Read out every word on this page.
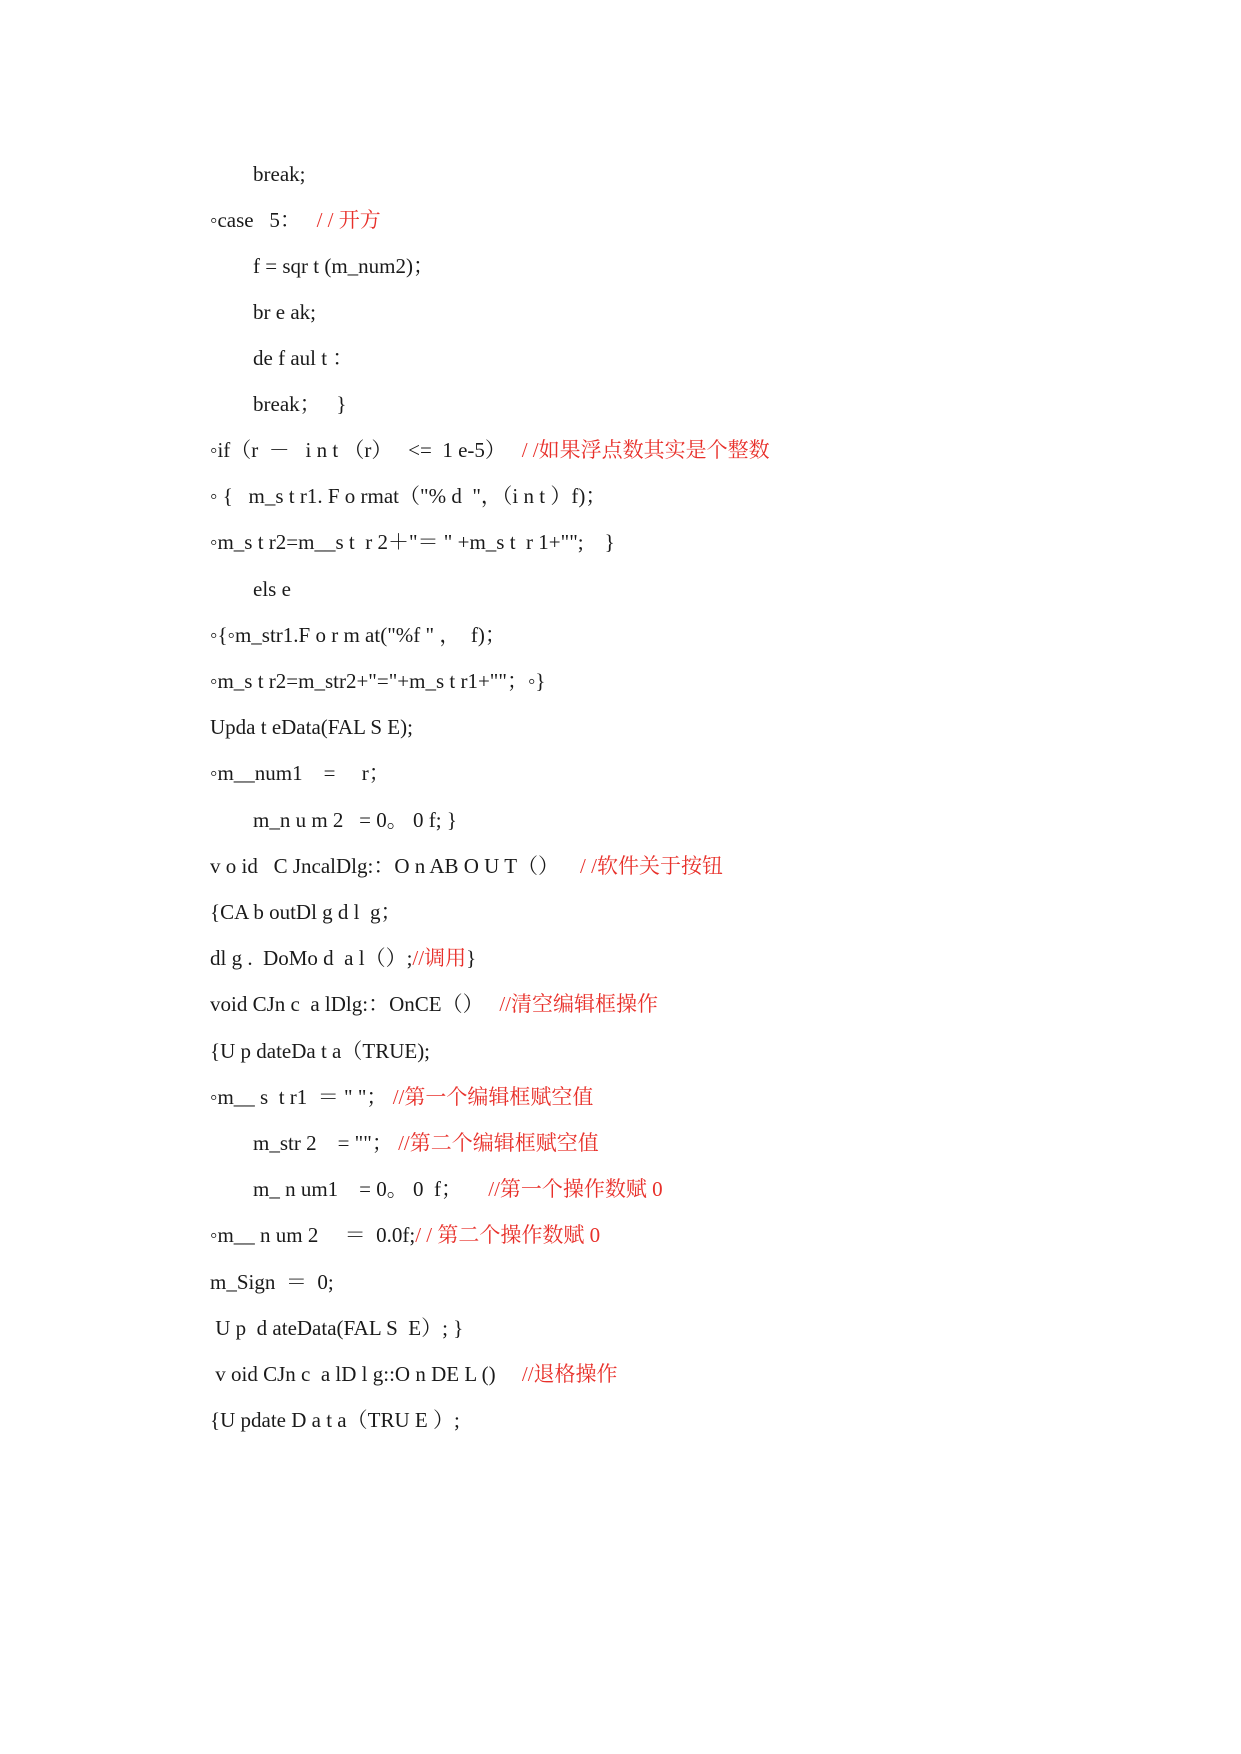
break;

◦case   5： / / 开方

f = sqr t (m_num2)；

br e ak;

de f aul t ：

break；   }

◦if（r  －   i n t （r）   <=  1 e-5） / /如果浮点数其实是个整数

◦ {   m_s t r1. F o rmat（"% d  "，（i n t ）f)；

◦m_s t r2=m__s t  r 2＋"＝ " +m_s t  r 1+"";    }

els e

◦{◦m_str1.F o r m at("%f " ，  f)；

◦m_s t r2=m_str2+"="+m_s t r1+""；◦}

Upda t eData(FAL S E);

◦m__num1    =     r；

m_n u m 2   = 0。 0 f; }

v o id   C JncalDlg:：O n AB O U T（） / /软件关于按钮

{CA b outDl g d l  g；

dl g .  DoMo d  a l（）;//调用}

void CJn c  a lDlg:：OnCE（） //清空编辑框操作

{U p dateDa t a（TRUE);

◦m__ s  t r1  ＝ " "； //第一个编辑框赋空值

m_str 2    = ""； //第二个编辑框赋空值

m_ n um1    = 0。 0  f； //第一个操作数赋 0

◦m__ n um 2     ＝  0.0f;/ / 第二个操作数赋 0

m_Sign  ＝  0;

U p  d ateData(FAL S  E）; }

v oid CJn c  a lD l g::O n DE L () //退格操作

{U pdate D a t a（TRU E ）;
